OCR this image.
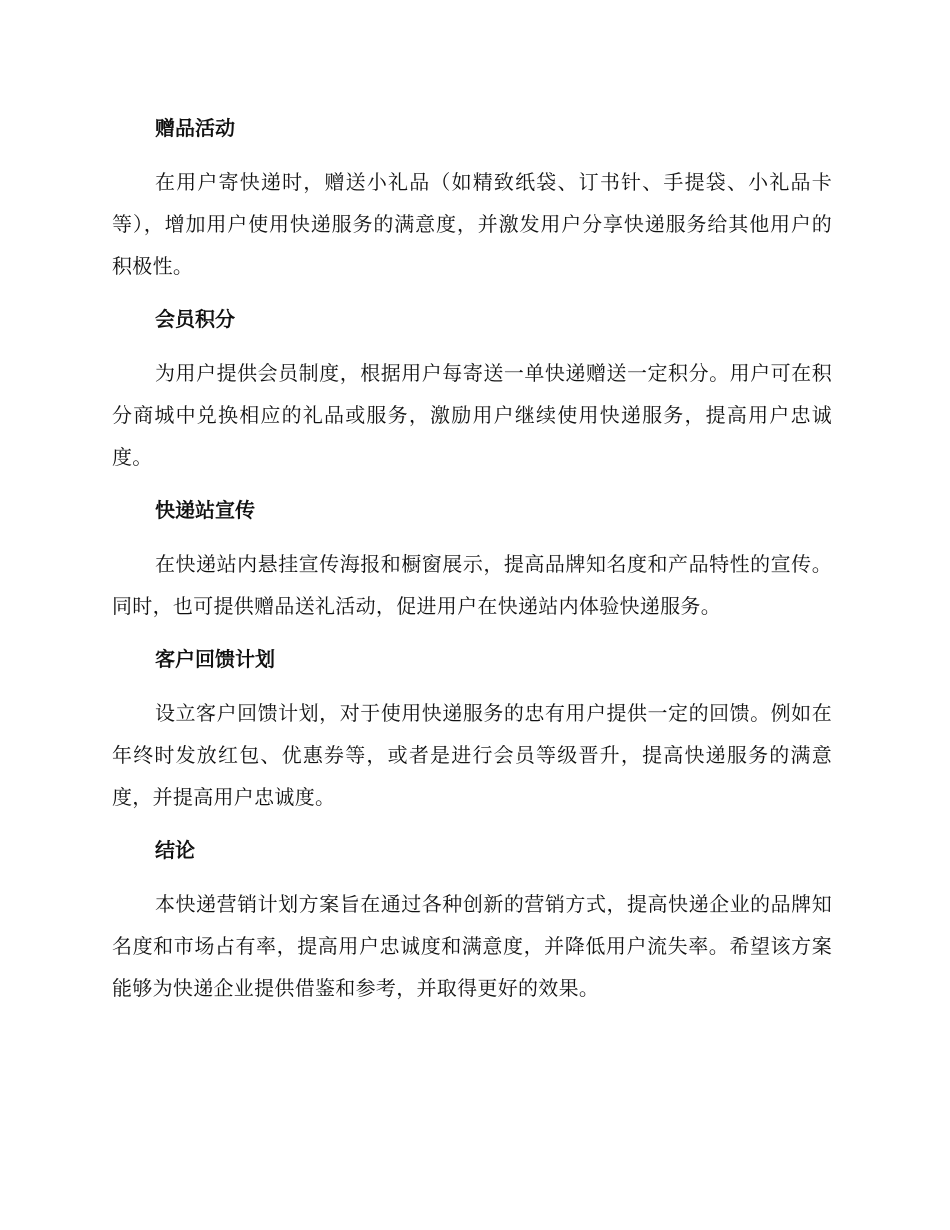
赠品活动

在用户寄快递时，赠送小礼品（如精致纸袋、订书针、手提袋、小礼品卡等），增加用户使用快递服务的满意度，并激发用户分享快递服务给其他用户的积极性。

会员积分

为用户提供会员制度，根据用户每寄送一单快递赠送一定积分。用户可在积分商城中兑换相应的礼品或服务，激励用户继续使用快递服务，提高用户忠诚度。

快递站宣传

在快递站内悬挂宣传海报和橱窗展示，提高品牌知名度和产品特性的宣传。同时，也可提供赠品送礼活动，促进用户在快递站内体验快递服务。

客户回馈计划

设立客户回馈计划，对于使用快递服务的忠有用户提供一定的回馈。例如在年终时发放红包、优惠券等，或者是进行会员等级晋升，提高快递服务的满意度，并提高用户忠诚度。

结论

本快递营销计划方案旨在通过各种创新的营销方式，提高快递企业的品牌知名度和市场占有率，提高用户忠诚度和满意度，并降低用户流失率。希望该方案能够为快递企业提供借鉴和参考，并取得更好的效果。
